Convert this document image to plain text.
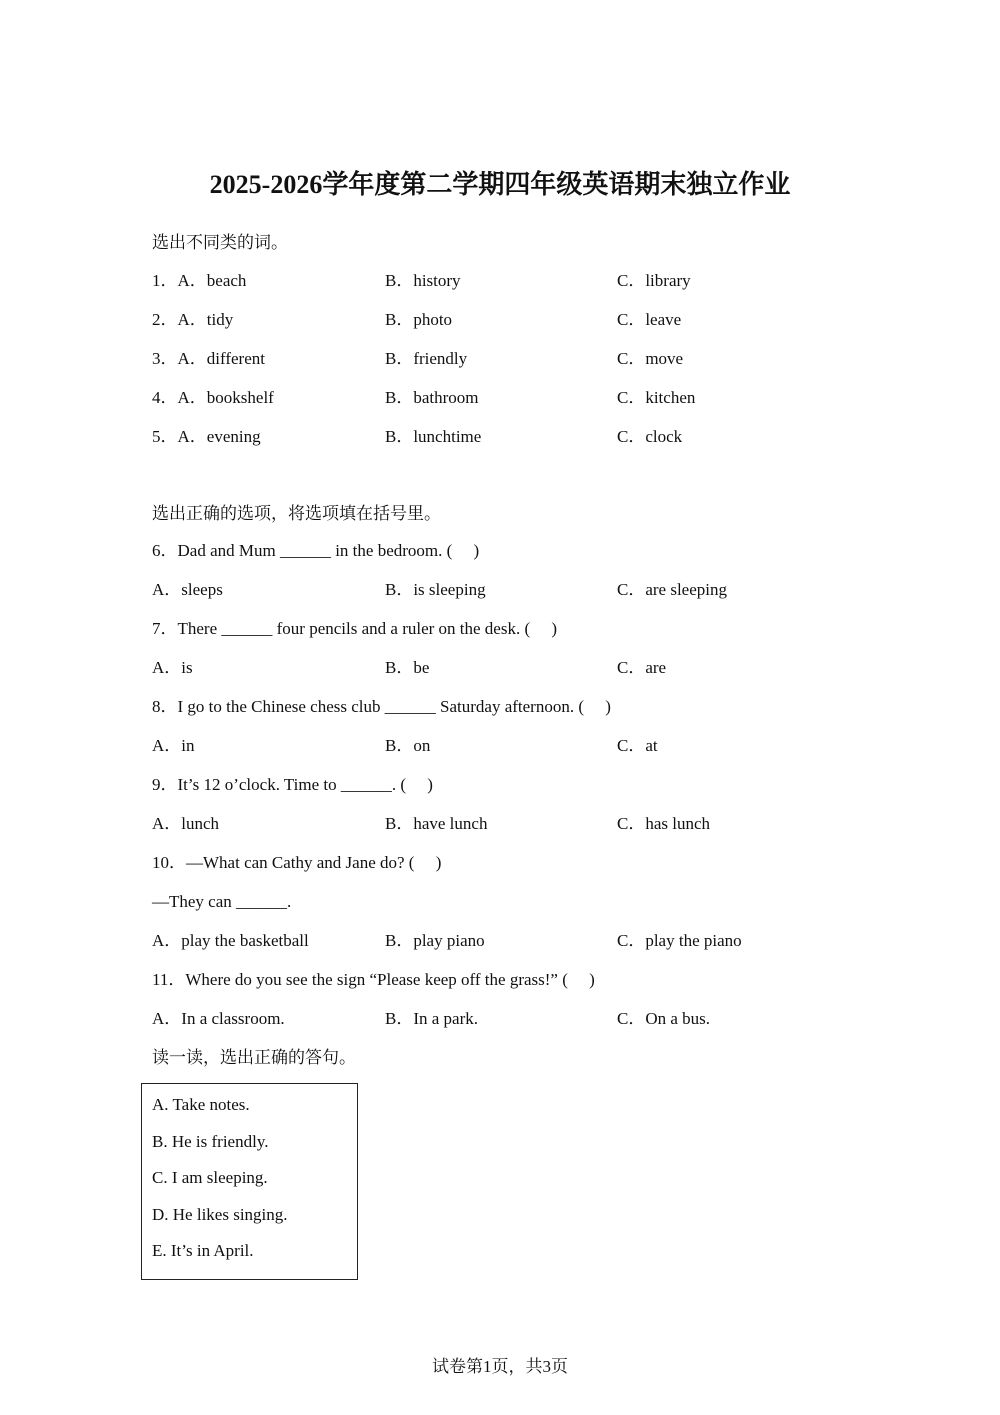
2025-2026学年度第二学期四年级英语期末独立作业
选出不同类的词。
1．A．beach	B．history	C．library
2．A．tidy	B．photo	C．leave
3．A．different	B．friendly	C．move
4．A．bookshelf	B．bathroom	C．kitchen
5．A．evening	B．lunchtime	C．clock
选出正确的选项，将选项填在括号里。
6．Dad and Mum ______ in the bedroom. (     )
A．sleeps	B．is sleeping	C．are sleeping
7．There ______ four pencils and a ruler on the desk. (     )
A．is	B．be	C．are
8．I go to the Chinese chess club ______ Saturday afternoon. (     )
A．in	B．on	C．at
9．It’s 12 o’clock. Time to ______. (     )
A．lunch	B．have lunch	C．has lunch
10．—What can Cathy and Jane do? (     )
—They can ______.
A．play the basketball	B．play piano	C．play the piano
11．Where do you see the sign “Please keep off the grass!” (     )
A．In a classroom.	B．In a park.	C．On a bus.
读一读，选出正确的答句。
A. Take notes.
B. He is friendly.
C. I am sleeping.
D. He likes singing.
E. It’s in April.
试卷第1页，共3页
